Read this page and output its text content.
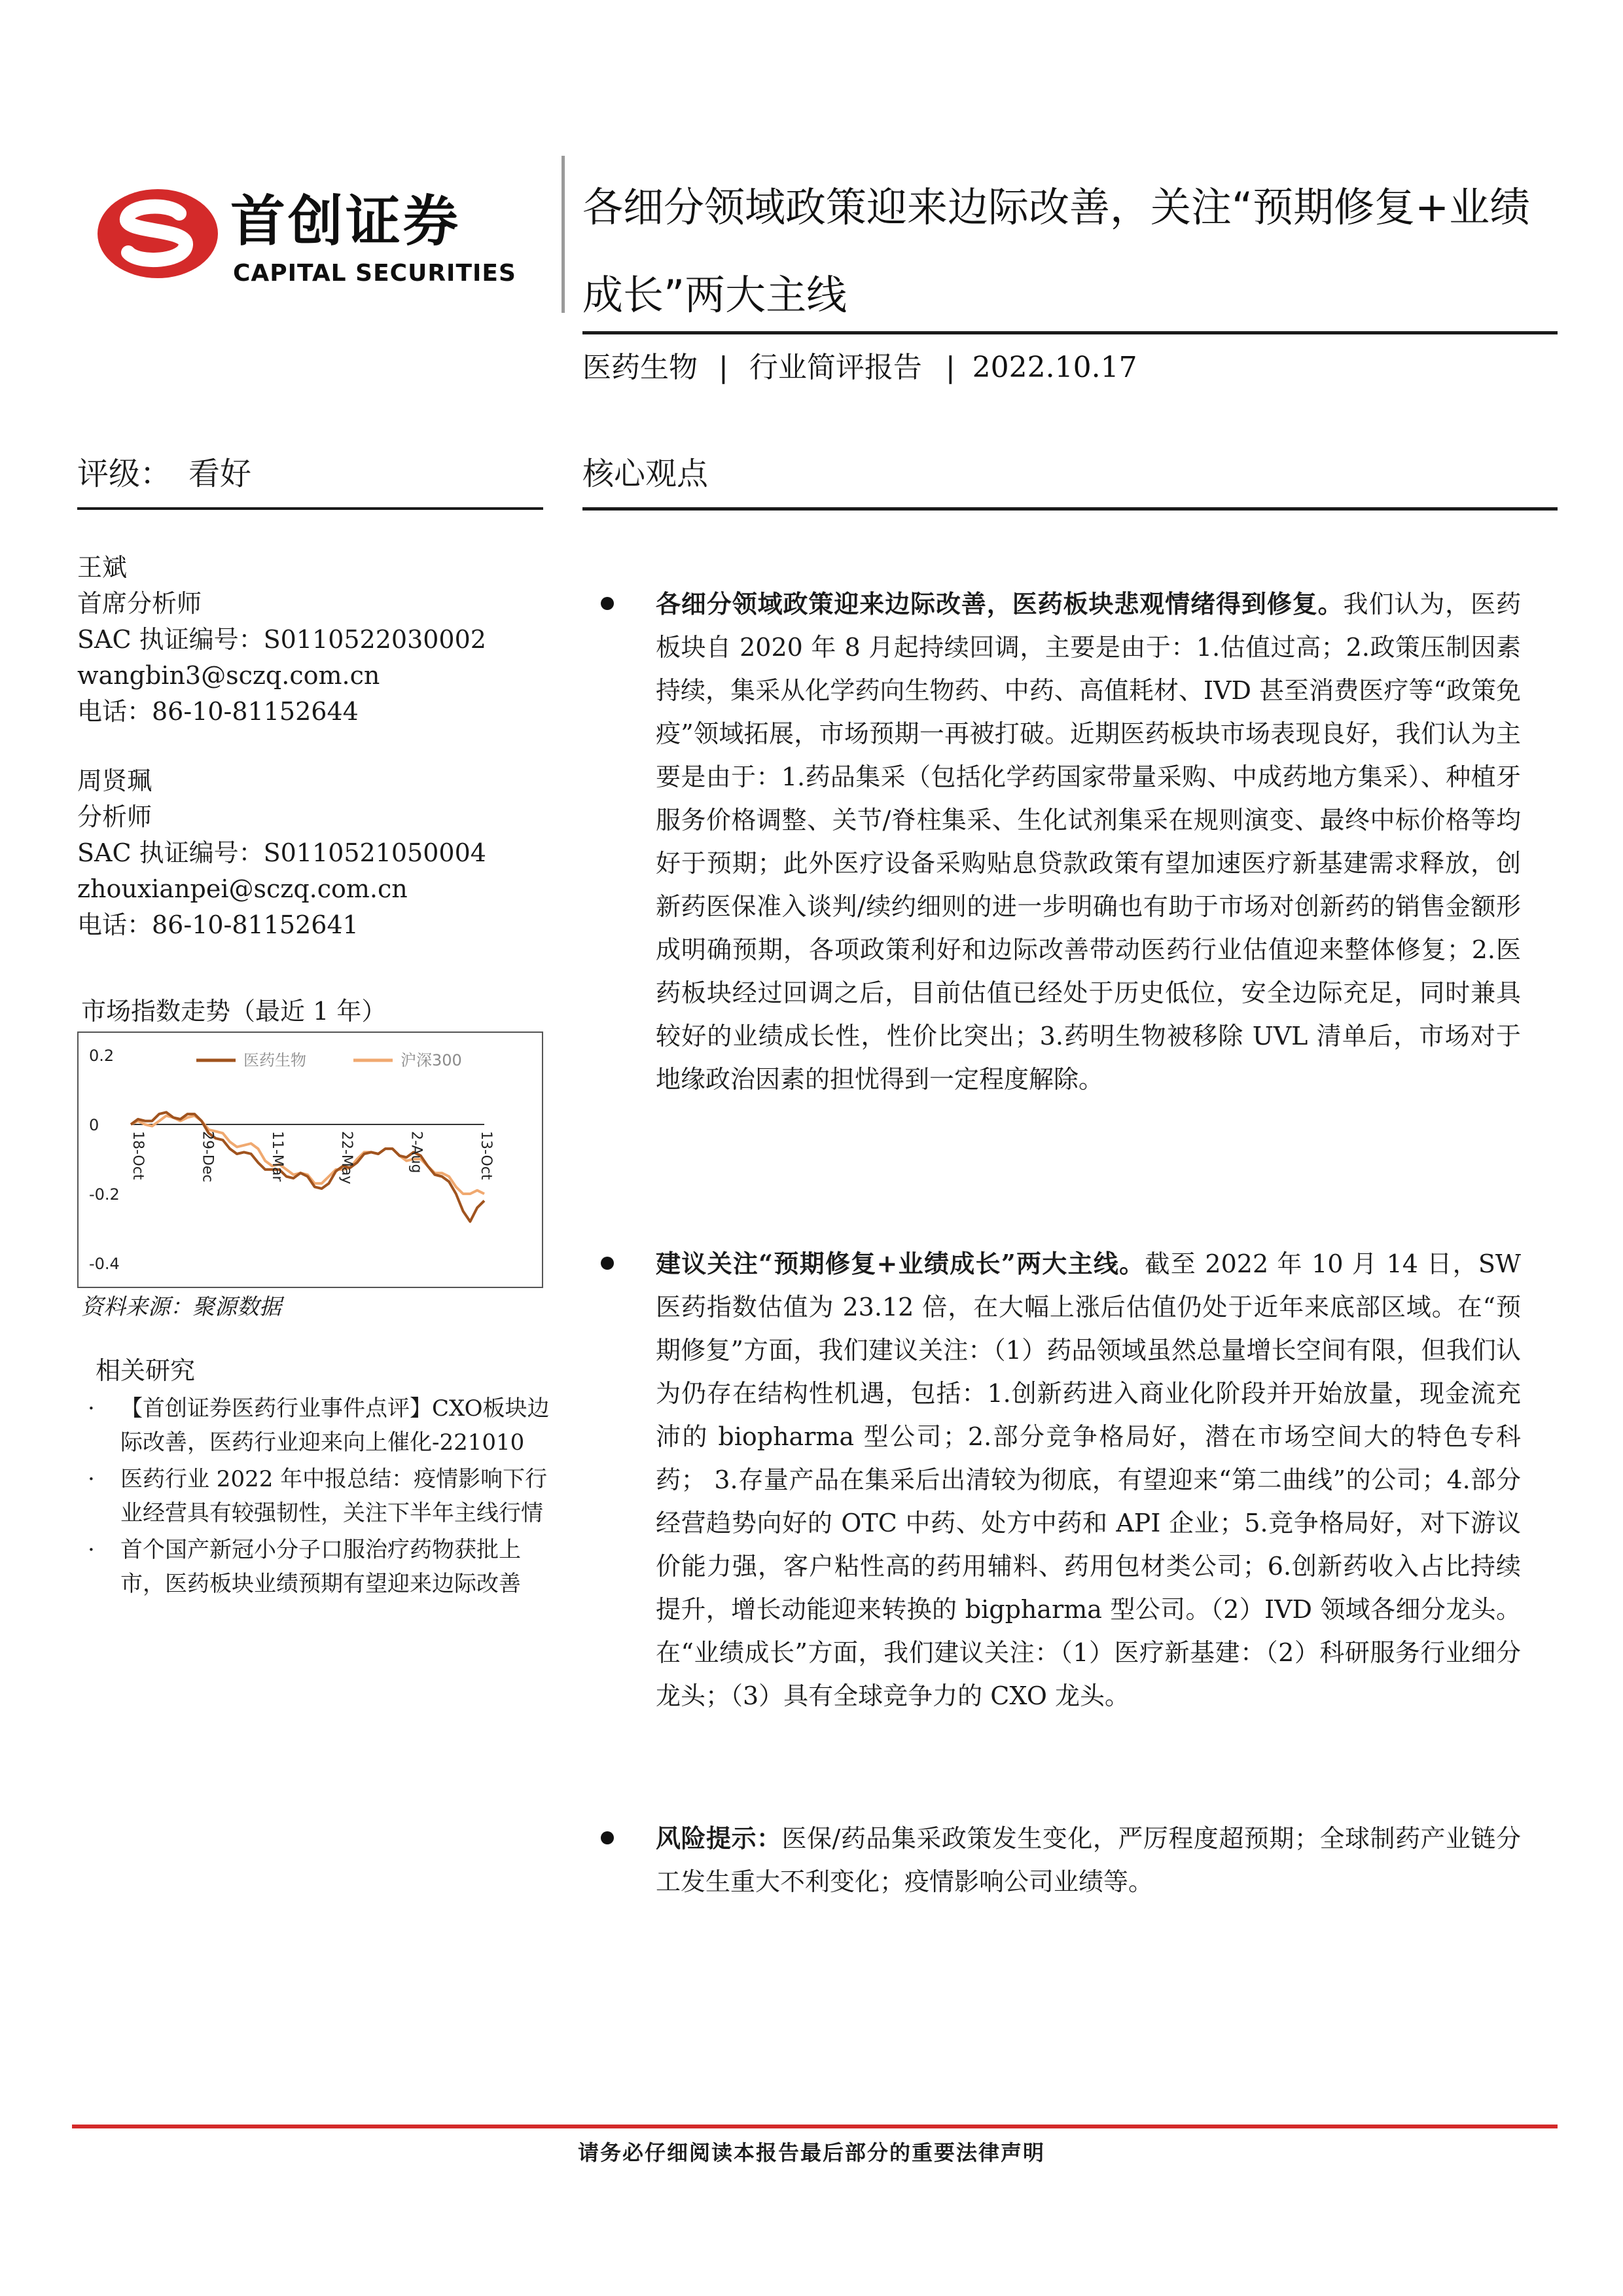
首创证券
CAPITAL SECURITIES
各细分领域政策迎来边际改善，关注“预期修复+业绩成长”两大主线
医药生物 | 行业简评报告 | 2022.10.17
评级： 看好
王斌
首席分析师
SAC 执证编号：S0110522030002
wangbin3@sczq.com.cn
电话：86-10-81152644
周贤珮
分析师
SAC 执证编号：S0110521050004
zhouxianpei@sczq.com.cn
电话：86-10-81152641
市场指数走势（最近 1 年）
0.2
0
-0.2
-0.4
18-Oct	29-Dec	11-Mar	22-May	2-Aug	13-Oct
医药生物	沪深300
资料来源：聚源数据
相关研究
· 【首创证券医药行业事件点评】CXO板块边际改善，医药行业迎来向上催化-221010
· 医药行业 2022 年中报总结：疫情影响下行业经营具有较强韧性，关注下半年主线行情
· 首个国产新冠小分子口服治疗药物获批上市，医药板块业绩预期有望迎来边际改善
核心观点
各细分领域政策迎来边际改善，医药板块悲观情绪得到修复。我们认为，医药板块自 2020 年 8 月起持续回调，主要是由于：1.估值过高；2.政策压制因素持续，集采从化学药向生物药、中药、高值耗材、IVD 甚至消费医疗等“政策免疫”领域拓展，市场预期一再被打破。近期医药板块市场表现良好，我们认为主要是由于：1.药品集采（包括化学药国家带量采购、中成药地方集采）、种植牙服务价格调整、关节/脊柱集采、生化试剂集采在规则演变、最终中标价格等均好于预期；此外医疗设备采购贴息贷款政策有望加速医疗新基建需求释放，创新药医保准入谈判/续约细则的进一步明确也有助于市场对创新药的销售金额形成明确预期，各项政策利好和边际改善带动医药行业估值迎来整体修复；2.医药板块经过回调之后，目前估值已经处于历史低位，安全边际充足，同时兼具较好的业绩成长性，性价比突出；3.药明生物被移除 UVL 清单后，市场对于地缘政治因素的担忧得到一定程度解除。
建议关注“预期修复+业绩成长”两大主线。截至 2022 年 10 月 14 日，SW 医药指数估值为 23.12 倍，在大幅上涨后估值仍处于近年来底部区域。在“预期修复”方面，我们建议关注：（1）药品领域虽然总量增长空间有限，但我们认为仍存在结构性机遇，包括：1.创新药进入商业化阶段并开始放量，现金流充沛的 biopharma 型公司；2.部分竞争格局好，潜在市场空间大的特色专科药； 3.存量产品在集采后出清较为彻底，有望迎来“第二曲线”的公司；4.部分经营趋势向好的 OTC 中药、处方中药和 API 企业；5.竞争格局好，对下游议价能力强，客户粘性高的药用辅料、药用包材类公司；6.创新药收入占比持续提升，增长动能迎来转换的 bigpharma 型公司。（2）IVD 领域各细分龙头。在“业绩成长”方面，我们建议关注：（1）医疗新基建：（2）科研服务行业细分龙头；（3）具有全球竞争力的 CXO 龙头。
风险提示：医保/药品集采政策发生变化，严厉程度超预期；全球制药产业链分工发生重大不利变化；疫情影响公司业绩等。
请务必仔细阅读本报告最后部分的重要法律声明
